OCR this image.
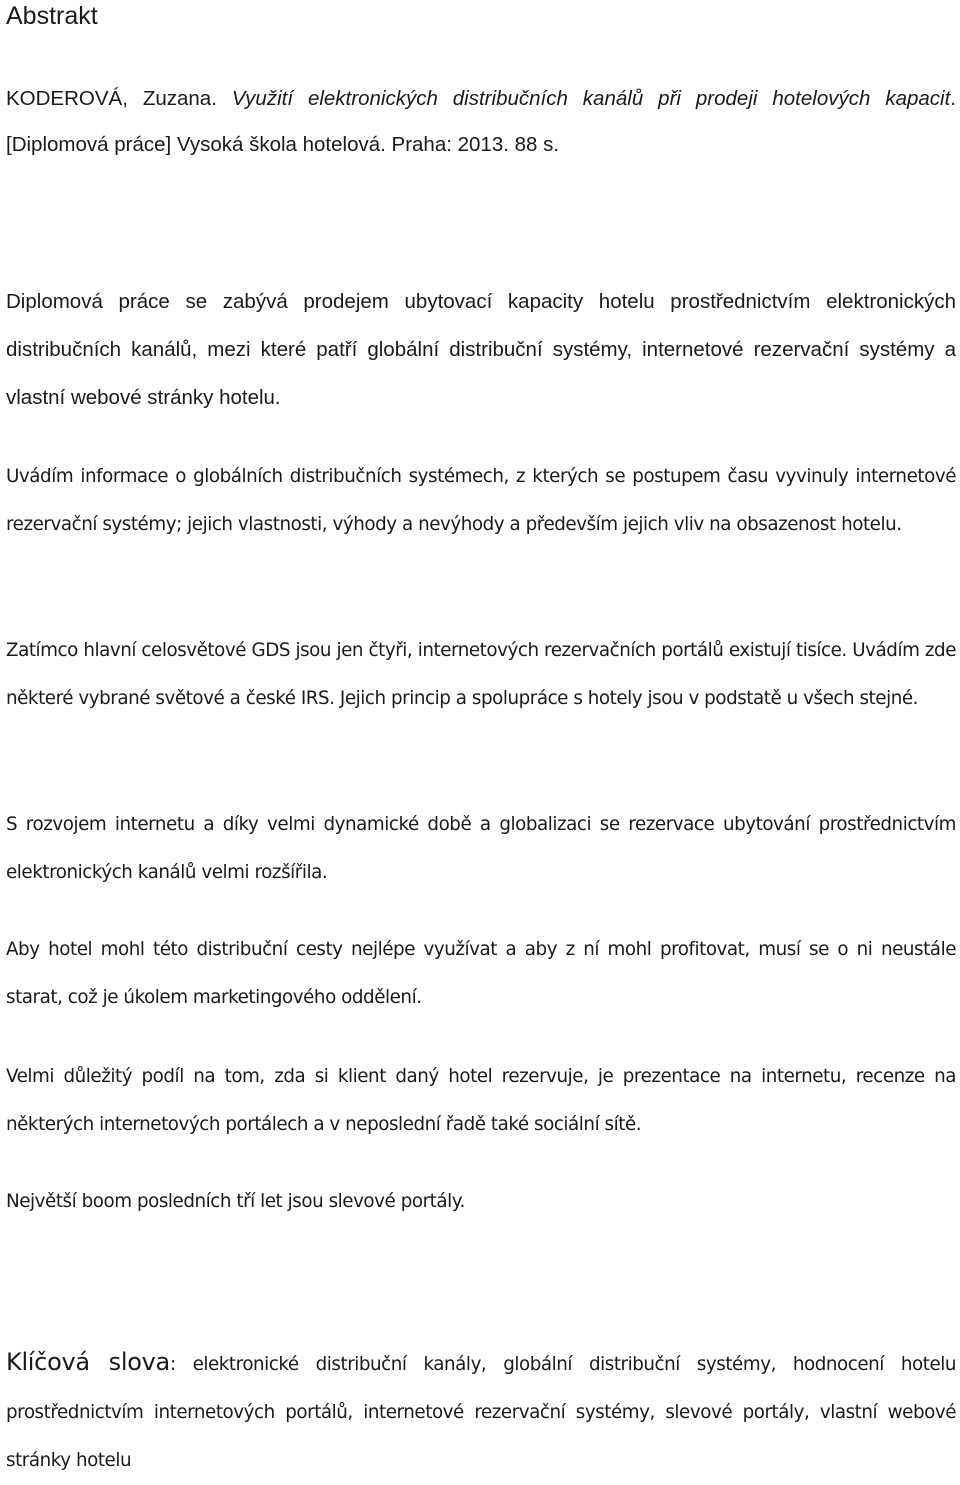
Abstrakt

KODEROVÁ, Zuzana. Využití elektronických distribučních kanálů při prodeji hotelových kapacit. [Diplomová práce] Vysoká škola hotelová. Praha: 2013. 88 s.

Diplomová práce se zabývá prodejem ubytovací kapacity hotelu prostřednictvím elektronických distribučních kanálů, mezi které patří globální distribuční systémy, internetové rezervační systémy a vlastní webové stránky hotelu.

Uvádím informace o globálních distribučních systémech, z kterých se postupem času vyvinuly internetové rezervační systémy; jejich vlastnosti, výhody a nevýhody a především jejich vliv na obsazenost hotelu.

Zatímco hlavní celosvětové GDS jsou jen čtyři, internetových rezervačních portálů existují tisíce. Uvádím zde některé vybrané světové a české IRS. Jejich princip a spolupráce s hotely jsou v podstatě u všech stejné.

S rozvojem internetu a díky velmi dynamické době a globalizaci se rezervace ubytování prostřednictvím elektronických kanálů velmi rozšířila.

Aby hotel mohl této distribuční cesty nejlépe využívat a aby z ní mohl profitovat, musí se o ni neustále starat, což je úkolem marketingového oddělení.

Velmi důležitý podíl na tom, zda si klient daný hotel rezervuje, je prezentace na internetu, recenze na některých internetových portálech a v neposlední řadě také sociální sítě.

Největší boom posledních tří let jsou slevové portály.

Klíčová slova: elektronické distribuční kanály, globální distribuční systémy, hodnocení hotelu prostřednictvím internetových portálů, internetové rezervační systémy, slevové portály, vlastní webové stránky hotelu
